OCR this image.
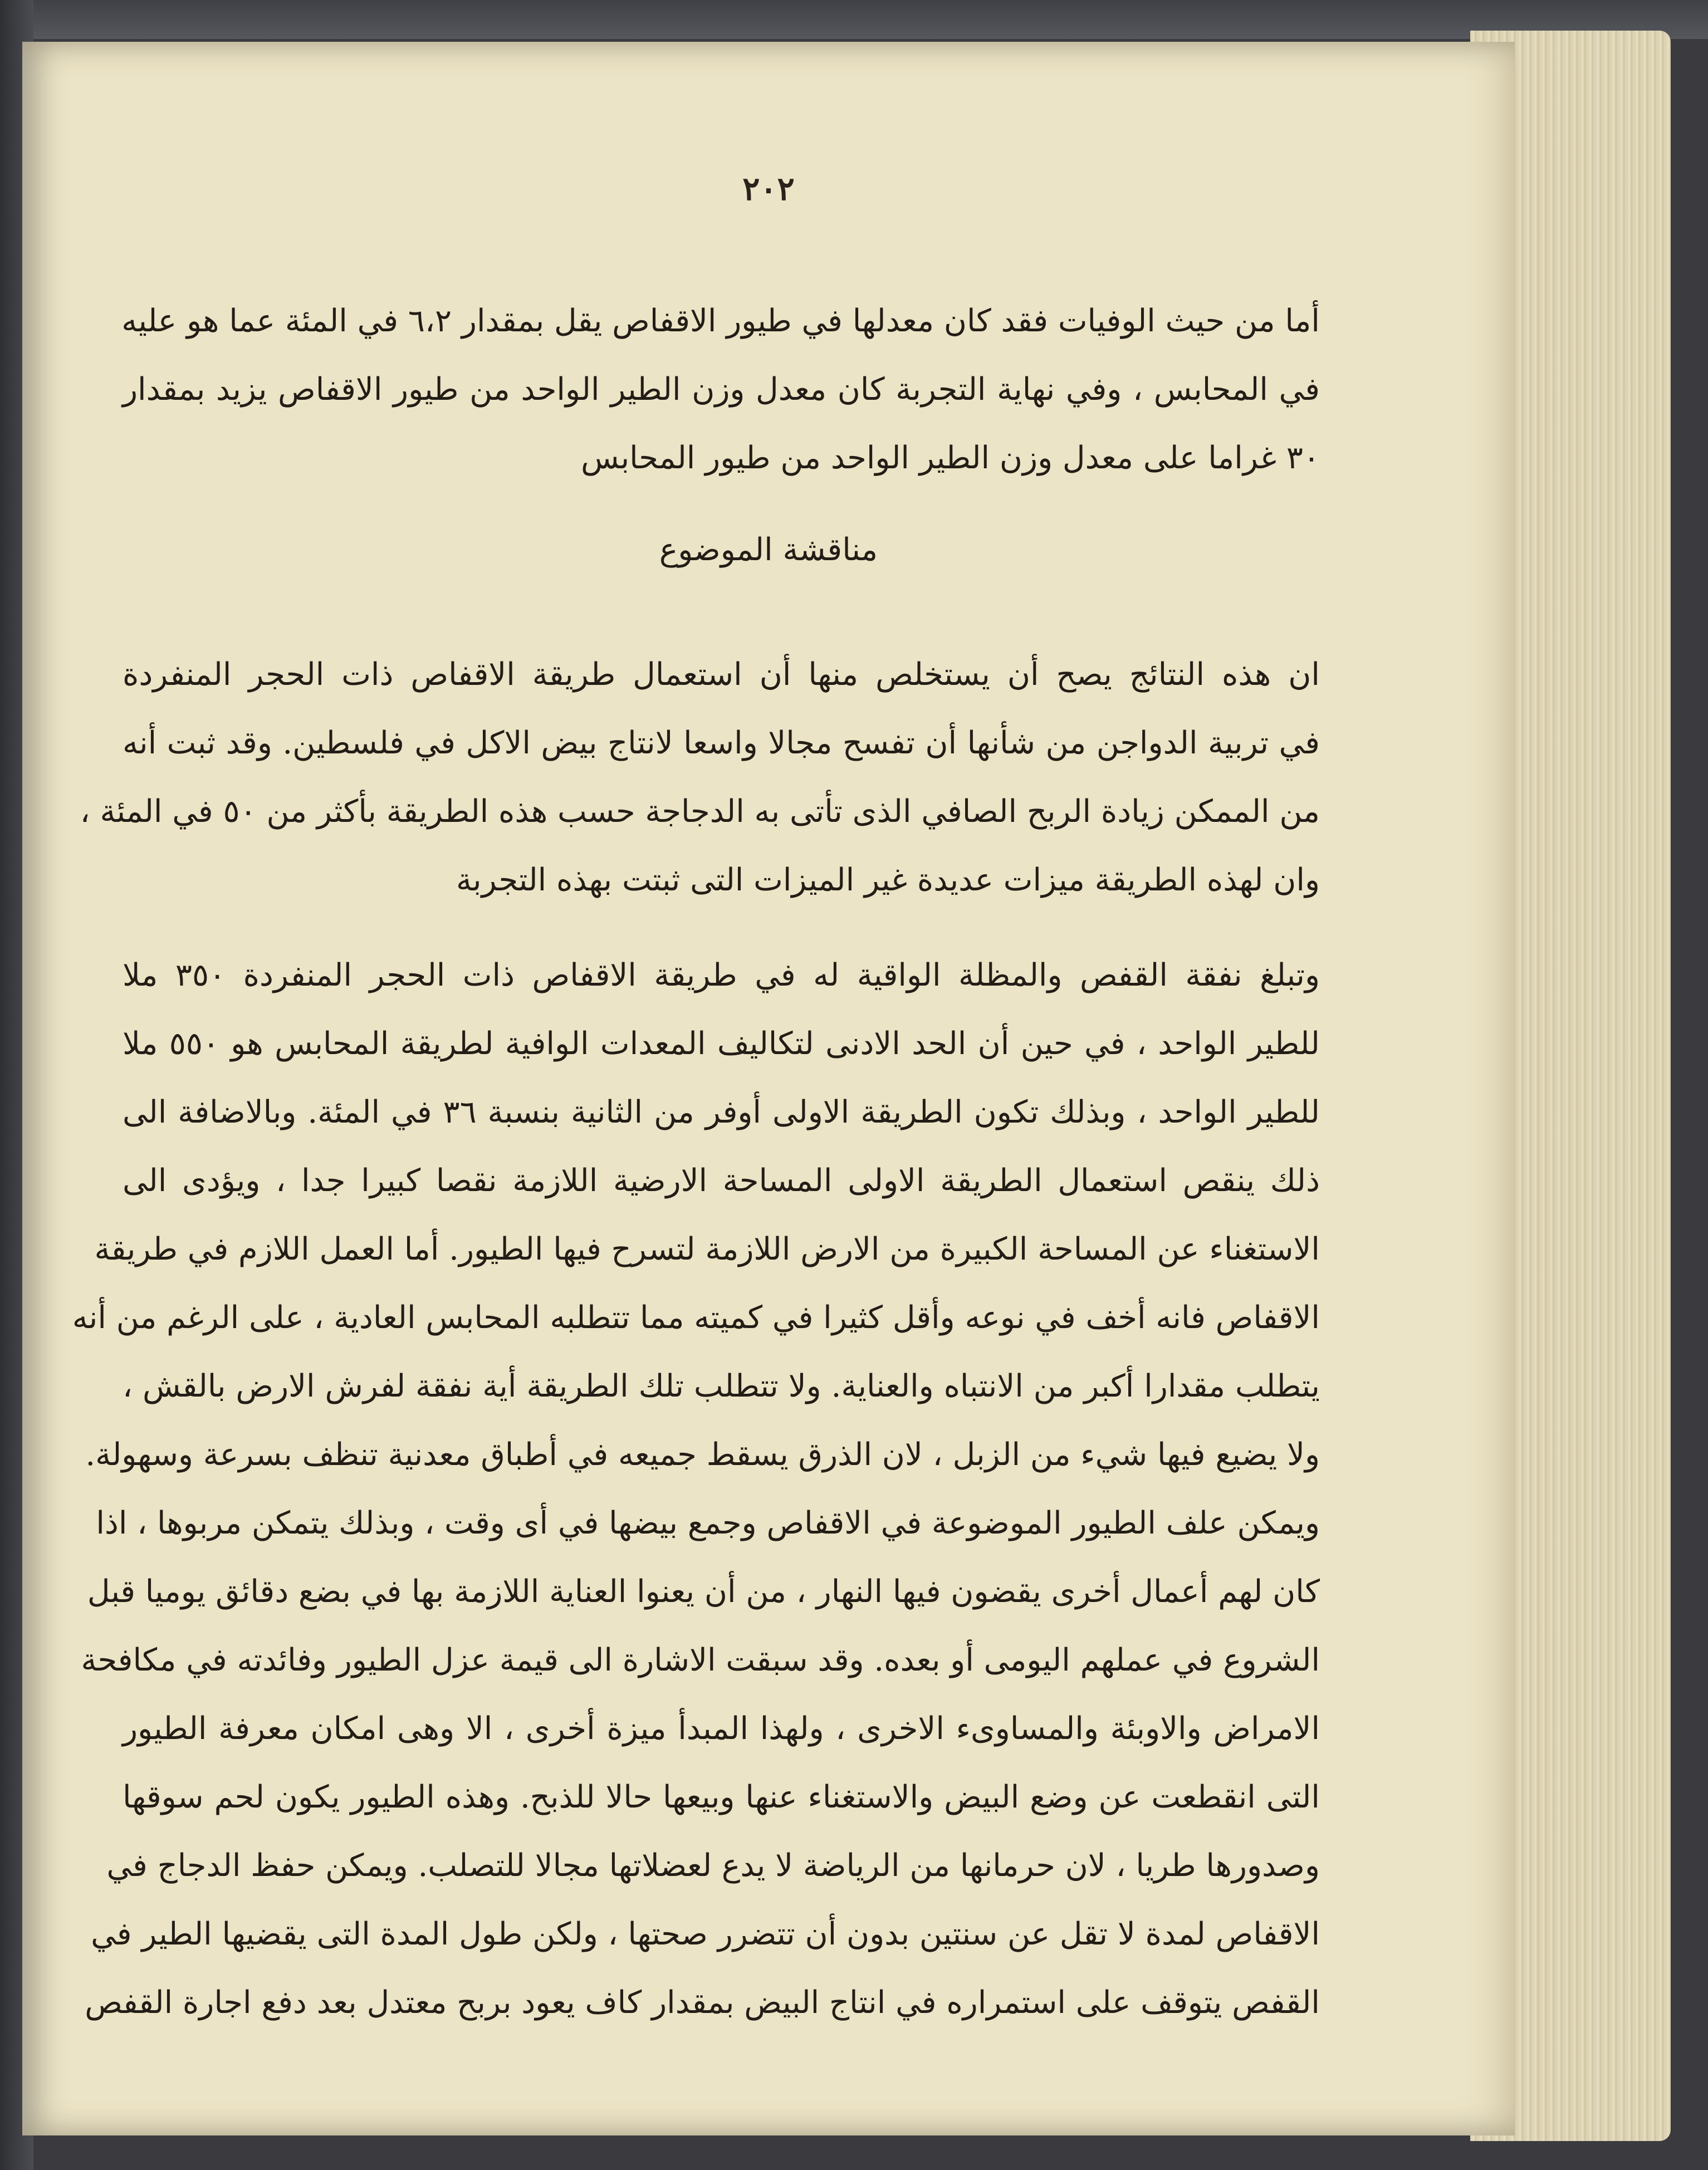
٢٠٢
أما من حيث الوفيات فقد كان معدلها في طيور الاقفاص يقل بمقدار ٦،٢ في المئة عما هو عليه
في المحابس ، وفي نهاية التجربة كان معدل وزن الطير الواحد من طيور الاقفاص يزيد بمقدار
٣٠ غراما على معدل وزن الطير الواحد من طيور المحابس
مناقشة الموضوع
ان هذه النتائج يصح أن يستخلص منها أن استعمال طريقة الاقفاص ذات الحجر المنفردة
في تربية الدواجن من شأنها أن تفسح مجالا واسعا لانتاج بيض الاكل في فلسطين. وقد ثبت أنه
من الممكن زيادة الربح الصافي الذى تأتى به الدجاجة حسب هذه الطريقة بأكثر من ٥٠ في المئة ،
وان لهذه الطريقة ميزات عديدة غير الميزات التى ثبتت بهذه التجربة
وتبلغ نفقة القفص والمظلة الواقية له في طريقة الاقفاص ذات الحجر المنفردة ٣٥٠ ملا
للطير الواحد ، في حين أن الحد الادنى لتكاليف المعدات الوافية لطريقة المحابس هو ٥٥٠ ملا
للطير الواحد ، وبذلك تكون الطريقة الاولى أوفر من الثانية بنسبة ٣٦ في المئة. وبالاضافة الى
ذلك ينقص استعمال الطريقة الاولى المساحة الارضية اللازمة نقصا كبيرا جدا ، ويؤدى الى
الاستغناء عن المساحة الكبيرة من الارض اللازمة لتسرح فيها الطيور. أما العمل اللازم في طريقة
الاقفاص فانه أخف في نوعه وأقل كثيرا في كميته مما تتطلبه المحابس العادية ، على الرغم من أنه
يتطلب مقدارا أكبر من الانتباه والعناية. ولا تتطلب تلك الطريقة أية نفقة لفرش الارض بالقش ،
ولا يضيع فيها شيء من الزبل ، لان الذرق يسقط جميعه في أطباق معدنية تنظف بسرعة وسهولة.
ويمكن علف الطيور الموضوعة في الاقفاص وجمع بيضها في أى وقت ، وبذلك يتمكن مربوها ، اذا
كان لهم أعمال أخرى يقضون فيها النهار ، من أن يعنوا العناية اللازمة بها في بضع دقائق يوميا قبل
الشروع في عملهم اليومى أو بعده. وقد سبقت الاشارة الى قيمة عزل الطيور وفائدته في مكافحة
الامراض والاوبئة والمساوىء الاخرى ، ولهذا المبدأ ميزة أخرى ، الا وهى امكان معرفة الطيور
التى انقطعت عن وضع البيض والاستغناء عنها وبيعها حالا للذبح. وهذه الطيور يكون لحم سوقها
وصدورها طريا ، لان حرمانها من الرياضة لا يدع لعضلاتها مجالا للتصلب. ويمكن حفظ الدجاج في
الاقفاص لمدة لا تقل عن سنتين بدون أن تتضرر صحتها ، ولكن طول المدة التى يقضيها الطير في
القفص يتوقف على استمراره في انتاج البيض بمقدار كاف يعود بربح معتدل بعد دفع اجارة القفص
